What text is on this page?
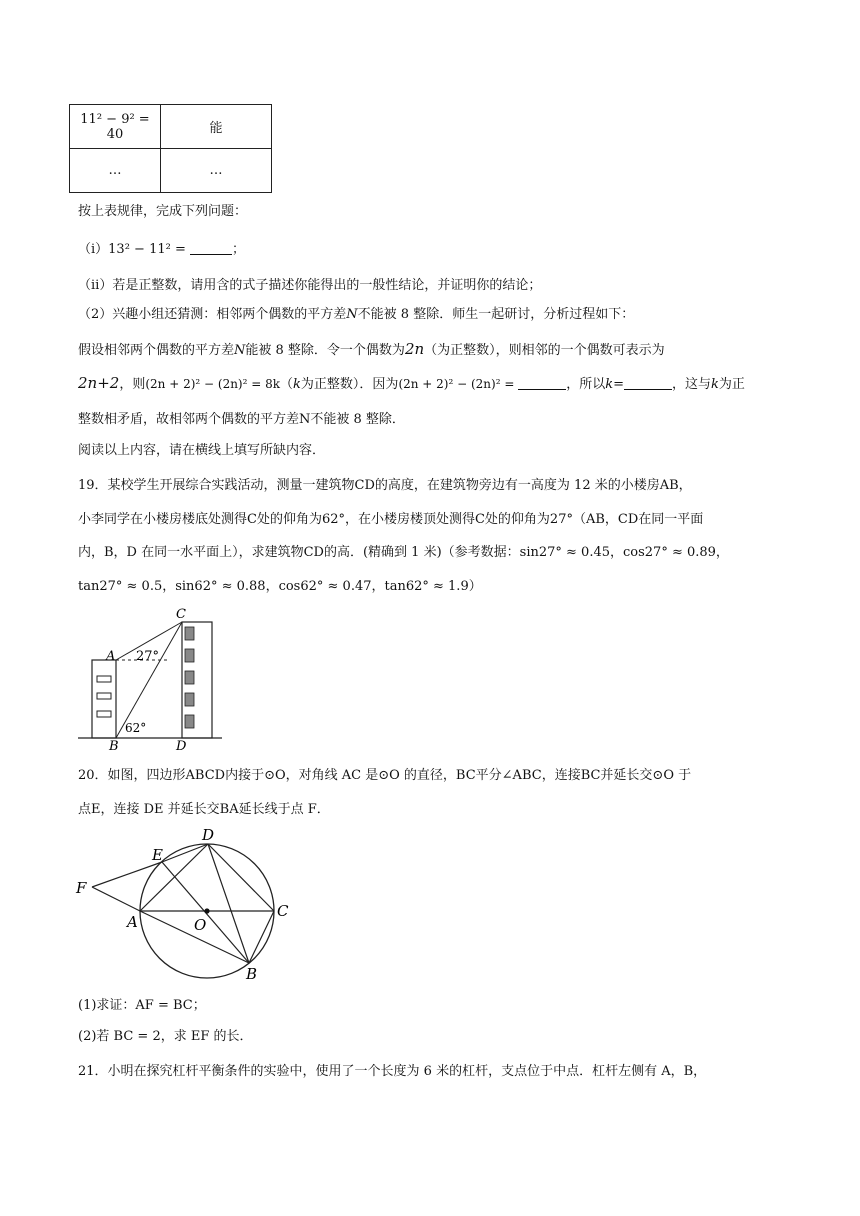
11² − 9² = 40	能
…	…
按上表规律，完成下列问题：
（ⅰ）13² − 11² =	；
（ⅱ）若是正整数，请用含的式子描述你能得出的一般性结论，并证明你的结论；
（2）兴趣小组还猜测：相邻两个偶数的平方差N不能被 8 整除．师生一起研讨，分析过程如下：
假设相邻两个偶数的平方差N能被 8 整除．令一个偶数为2n（为正整数），则相邻的一个偶数可表示为
2n+2，则(2n + 2)² − (2n)² = 8k（k为正整数）．因为(2n + 2)² − (2n)² =	，所以k=	，这与k为正
整数相矛盾，故相邻两个偶数的平方差N不能被 8 整除．
阅读以上内容，请在横线上填写所缺内容．
19．某校学生开展综合实践活动，测量一建筑物CD的高度，在建筑物旁边有一高度为 12 米的小楼房AB，
小李同学在小楼房楼底处测得C处的仰角为62°，在小楼房楼顶处测得C处的仰角为27°（AB，CD在同一平面
内，B，D 在同一水平面上），求建筑物CD的高．(精确到 1 米)（参考数据：sin27° ≈ 0.45，cos27° ≈ 0.89，
tan27° ≈ 0.5，sin62° ≈ 0.88，cos62° ≈ 0.47，tan62° ≈ 1.9）
C
A 27°
62°
B	D
20．如图，四边形ABCD内接于⊙O，对角线 AC 是⊙O 的直径，BC平分∠ABC，连接BC并延长交⊙O 于
点E，连接 DE 并延长交BA延长线于点 F．
F
E
D
A	O
C
B
(1)求证：AF = BC；
(2)若 BC = 2，求 EF 的长．
21．小明在探究杠杆平衡条件的实验中，使用了一个长度为 6 米的杠杆，支点位于中点．杠杆左侧有 A，B，
